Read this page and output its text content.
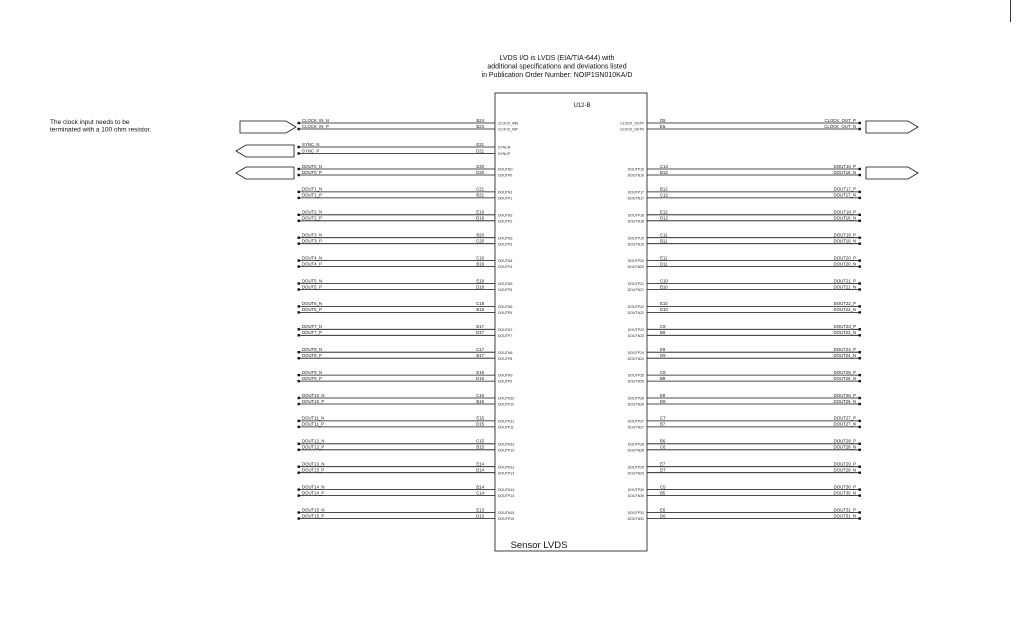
LVDS I/O is LVDS (EIA/TIA-644) with
additional specifications and deviations listed
in Publication Order Number: NOIP1SN010KA/D
The clock input needs to be
terminated with a 100 ohm resistor.
U12-B
Sensor LVDS
CLOCK_IN_N	B24
CLOCK_INN
CLOCK_IN_P	B23
CLOCK_INP
SYNC_N	E21
SYNCN
SYNC_P	D21
SYNCP
DOUT0_N	E20
DOUTN0
DOUT0_P	D20
DOUTP0
DOUT1_N	C21
DOUTN1
DOUT1_P	B21
DOUTP1
DOUT2_N	E19
DOUTN2
DOUT2_P	D19
DOUTP2
DOUT3_N	B20
DOUTN3
DOUT3_P	C20
DOUTP3
DOUT4_N	C19
DOUTN4
DOUT4_P	B19
DOUTP4
DOUT5_N	E18
DOUTN5
DOUT5_P	D18
DOUTP5
DOUT6_N	C18
DOUTN6
DOUT6_P	B18
DOUTP6
DOUT7_N	E17
DOUTN7
DOUT7_P	D17
DOUTP7
DOUT8_N	C17
DOUTN8
DOUT8_P	B17
DOUTP8
DOUT9_N	E16
DOUTN9
DOUT9_P	D16
DOUTP9
DOUT10_N	C16
DOUTN10
DOUT10_P	B16
DOUTP10
DOUT11_N	E15
DOUTN11
DOUT11_P	D15
DOUTP11
DOUT12_N	C15
DOUTN12
DOUT12_P	B15
DOUTP12
DOUT13_N	E14
DOUTN13
DOUT13_P	D14
DOUTP13
DOUT14_N	B14
DOUTN14
DOUT14_P	C14
DOUTP14
DOUT15_N	E13
DOUTN15
DOUT15_P	D13
DOUTP15
CLOCK_OUT_P
D5
CLOCK_OUTP
CLOCK_OUT_N
E5
CLOCK_OUTN
DOUT16_P
C13
DOUTP16
DOUT16_N
B13
DOUTN16
DOUT17_P
B12
DOUTP17
DOUT17_N
C12
DOUTN17
DOUT18_P
E12
DOUTP18
DOUT18_N
D12
DOUTN18
DOUT19_P
C11
DOUTP19
DOUT19_N
B11
DOUTN19
DOUT20_P
E11
DOUTP20
DOUT20_N
D11
DOUTN20
DOUT21_P
C10
DOUTP21
DOUT21_N
B10
DOUTN21
DOUT22_P
E10
DOUTP22
DOUT22_N
D10
DOUTN22
DOUT23_P
C9
DOUTP23
DOUT23_N
B9
DOUTN23
DOUT24_P
E9
DOUTP24
DOUT24_N
D9
DOUTN24
DOUT25_P
C8
DOUTP25
DOUT25_N
B8
DOUTN25
DOUT26_P
E8
DOUTP26
DOUT26_N
D8
DOUTN26
DOUT27_P
C7
DOUTP27
DOUT27_N
B7
DOUTN27
DOUT28_P
B6
DOUTP28
DOUT28_N
C6
DOUTN28
DOUT29_P
E7
DOUTP29
DOUT29_N
D7
DOUTN29
DOUT30_P
C5
DOUTP30
DOUT30_N
B5
DOUTN30
DOUT31_P
E6
DOUTP31
DOUT31_N
D6
DOUTN31
